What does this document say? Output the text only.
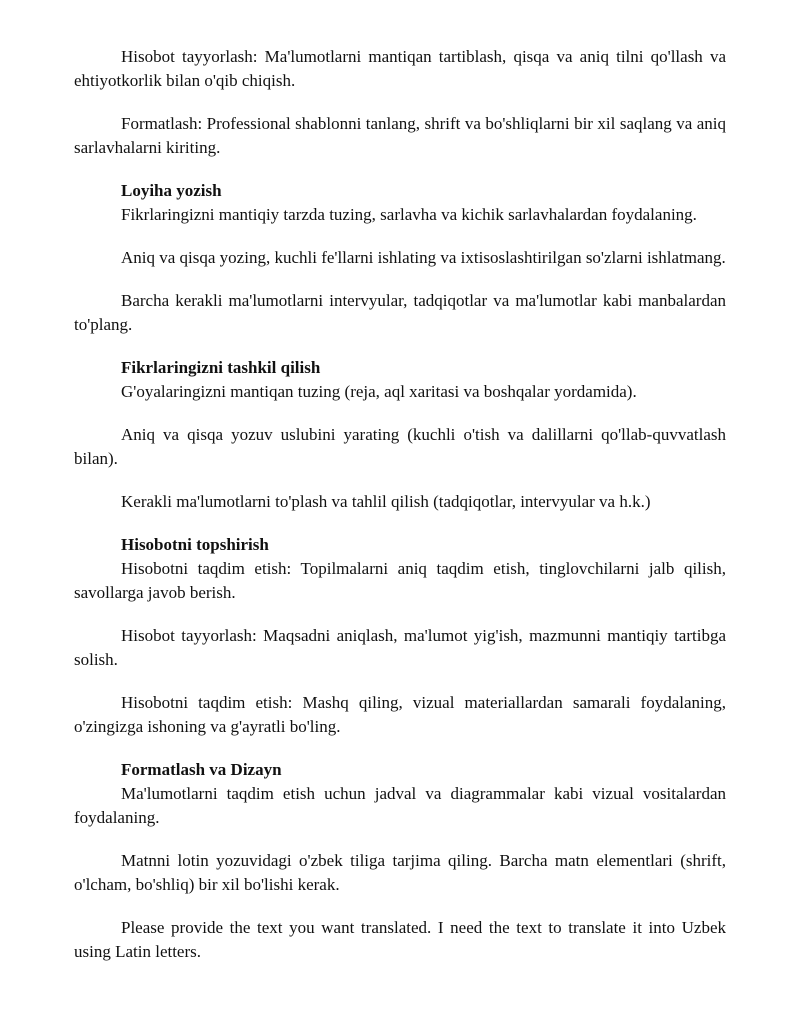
Hisobot tayyorlash: Ma'lumotlarni mantiqan tartiblash, qisqa va aniq tilni qo'llash va ehtiyotkorlik bilan o'qib chiqish.

Formatlash: Professional shablonni tanlang, shrift va bo'shliqlarni bir xil saqlang va aniq sarlavhalarni kiriting.

Loyiha yozish

Fikrlaringizni mantiqiy tarzda tuzing, sarlavha va kichik sarlavhalardan foydalaning.

Aniq va qisqa yozing, kuchli fe'llarni ishlating va ixtisoslashtirilgan so'zlarni ishlatmang.

Barcha kerakli ma'lumotlarni intervyular, tadqiqotlar va ma'lumotlar kabi manbalardan to'plang.

Fikrlaringizni tashkil qilish

G'oyalaringizni mantiqan tuzing (reja, aql xaritasi va boshqalar yordamida).

Aniq va qisqa yozuv uslubini yarating (kuchli o'tish va dalillarni qo'llab-quvvatlash bilan).

Kerakli ma'lumotlarni to'plash va tahlil qilish (tadqiqotlar, intervyular va h.k.)

Hisobotni topshirish

Hisobotni taqdim etish: Topilmalarni aniq taqdim etish, tinglovchilarni jalb qilish, savollarga javob berish.

Hisobot tayyorlash: Maqsadni aniqlash, ma'lumot yig'ish, mazmunni mantiqiy tartibga solish.

Hisobotni taqdim etish: Mashq qiling, vizual materiallardan samarali foydalaning, o'zingizga ishoning va g'ayratli bo'ling.

Formatlash va Dizayn

Ma'lumotlarni taqdim etish uchun jadval va diagrammalar kabi vizual vositalardan foydalaning.

Matnni lotin yozuvidagi o'zbek tiliga tarjima qiling. Barcha matn elementlari (shrift, o'lcham, bo'shliq) bir xil bo'lishi kerak.

Please provide the text you want translated. I need the text to translate it into Uzbek using Latin letters.
